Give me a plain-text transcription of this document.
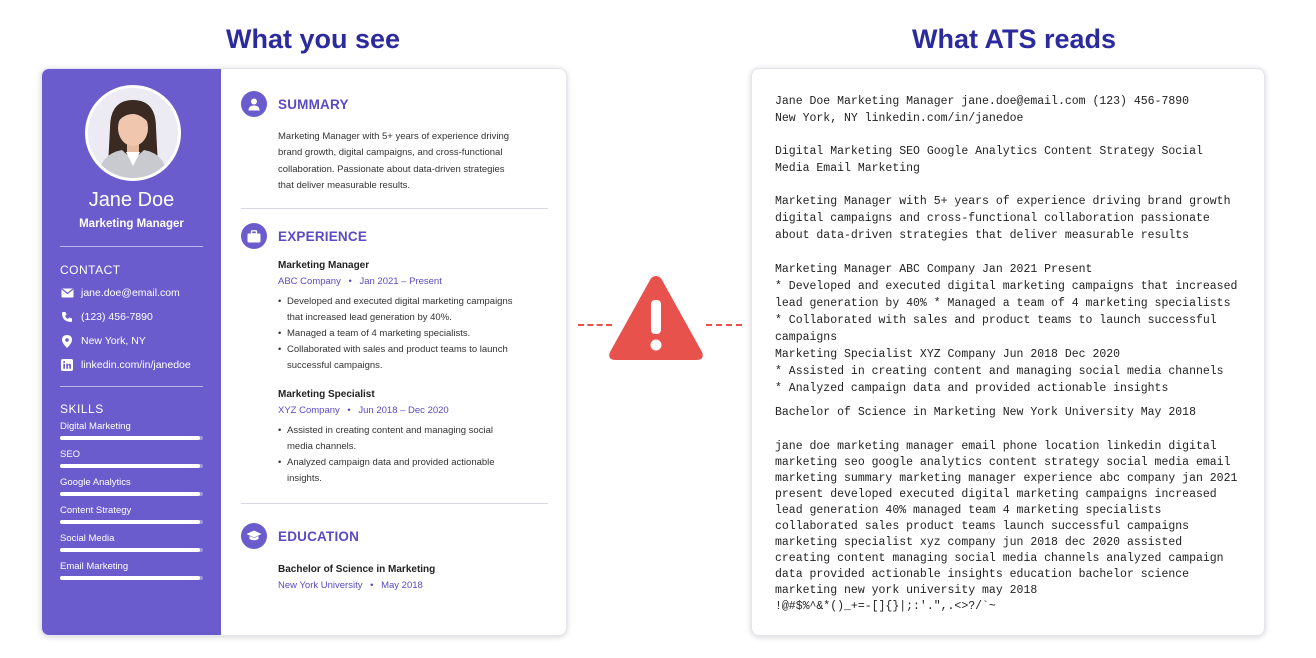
What you see	What ATS reads
Jane Doe
Marketing Manager
CONTACT
jane.doe@email.com
(123) 456-7890
New York, NY
linkedin.com/in/janedoe
SKILLS
Digital Marketing
SEO
Google Analytics
Content Strategy
Social Media
Email Marketing
SUMMARY
Marketing Manager with 5+ years of experience driving
brand growth, digital campaigns, and cross-functional
collaboration. Passionate about data-driven strategies
that deliver measurable results.
EXPERIENCE
Marketing Manager
ABC Company • Jan 2021 – Present
• Developed and executed digital marketing campaigns
that increased lead generation by 40%.
• Managed a team of 4 marketing specialists.
• Collaborated with sales and product teams to launch
successful campaigns.
Marketing Specialist
XYZ Company • Jun 2018 – Dec 2020
• Assisted in creating content and managing social
media channels.
• Analyzed campaign data and provided actionable
insights.
EDUCATION
Bachelor of Science in Marketing
New York University • May 2018
Jane Doe Marketing Manager jane.doe@email.com (123) 456-7890
New York, NY linkedin.com/in/janedoe
Digital Marketing SEO Google Analytics Content Strategy Social
Media Email Marketing
Marketing Manager with 5+ years of experience driving brand growth
digital campaigns and cross-functional collaboration passionate
about data-driven strategies that deliver measurable results
Marketing Manager ABC Company Jan 2021 Present
* Developed and executed digital marketing campaigns that increased
lead generation by 40% * Managed a team of 4 marketing specialists
* Collaborated with sales and product teams to launch successful
campaigns
Marketing Specialist XYZ Company Jun 2018 Dec 2020
* Assisted in creating content and managing social media channels
* Analyzed campaign data and provided actionable insights
Bachelor of Science in Marketing New York University May 2018
jane doe marketing manager email phone location linkedin digital
marketing seo google analytics content strategy social media email
marketing summary marketing manager experience abc company jan 2021
present developed executed digital marketing campaigns increased
lead generation 40% managed team 4 marketing specialists
collaborated sales product teams launch successful campaigns
marketing specialist xyz company jun 2018 dec 2020 assisted
creating content managing social media channels analyzed campaign
data provided actionable insights education bachelor science
marketing new york university may 2018
!@#$%^&*()_+=-[]{}|;:'.",.<>?/`~
